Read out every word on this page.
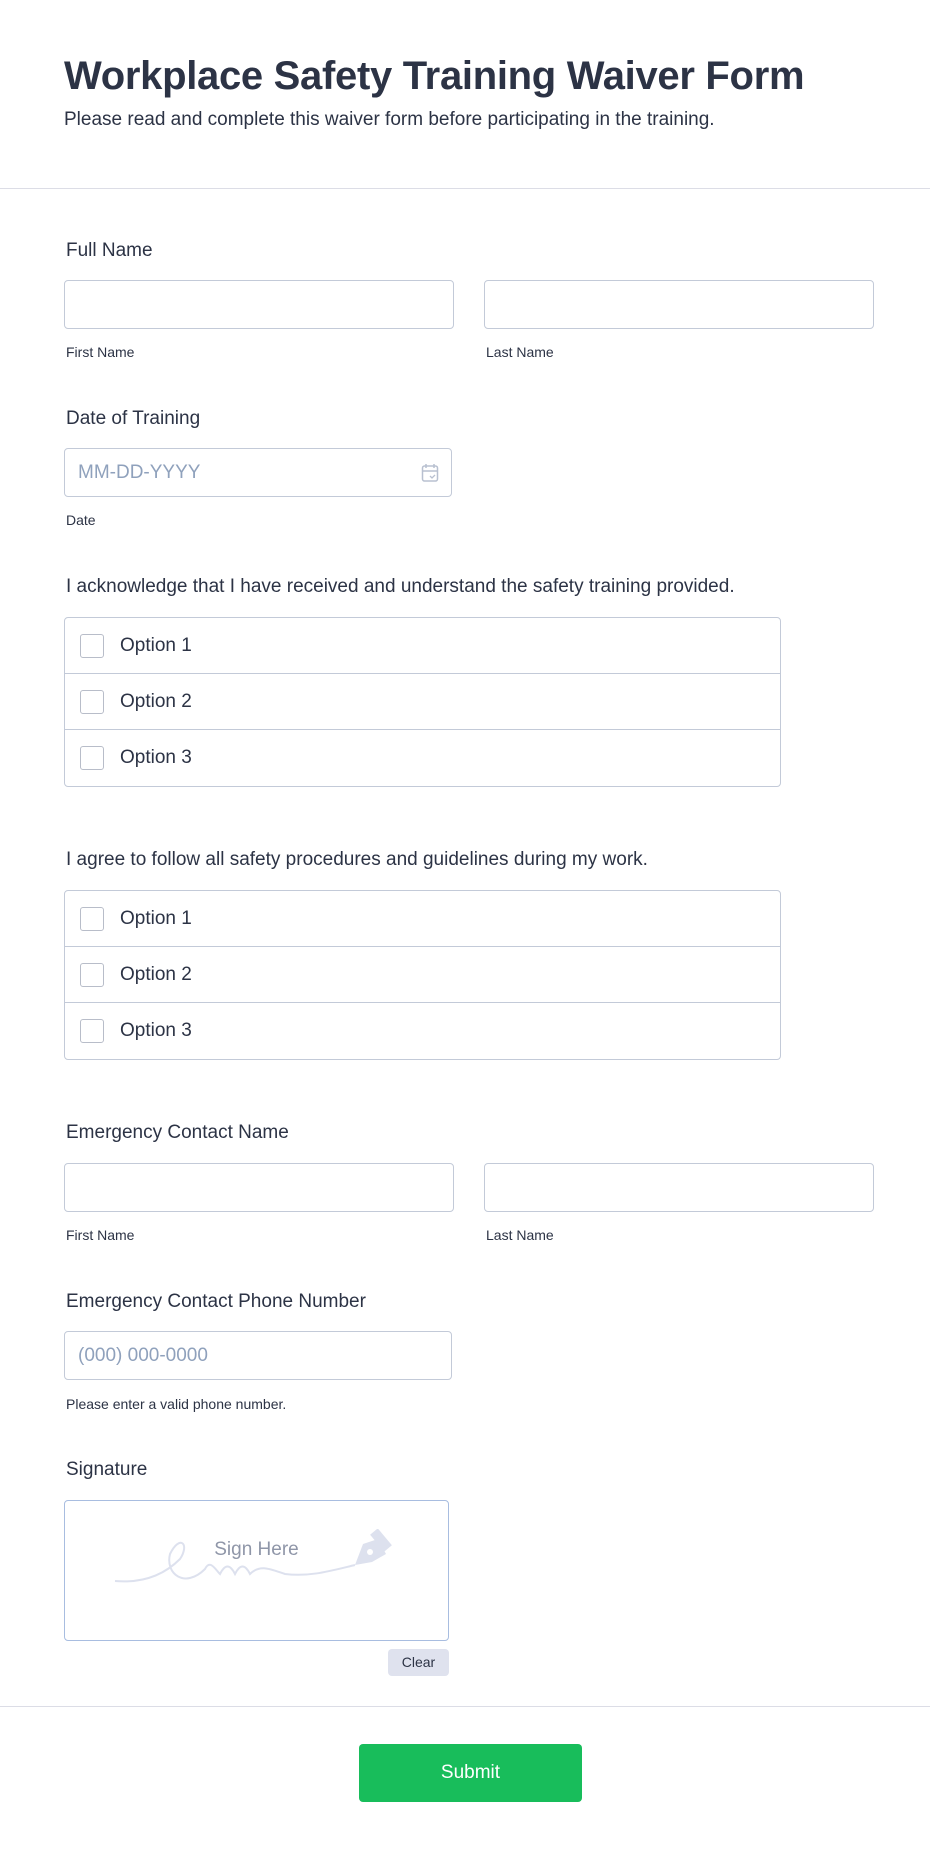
Workplace Safety Training Waiver Form
Please read and complete this waiver form before participating in the training.
Full Name
First Name	Last Name
Date of Training
MM-DD-YYYY
Date
I acknowledge that I have received and understand the safety training provided.
Option 1
Option 2
Option 3
I agree to follow all safety procedures and guidelines during my work.
Option 1
Option 2
Option 3
Emergency Contact Name
First Name	Last Name
Emergency Contact Phone Number
(000) 000-0000
Please enter a valid phone number.
Signature
Sign Here
Clear
Submit
